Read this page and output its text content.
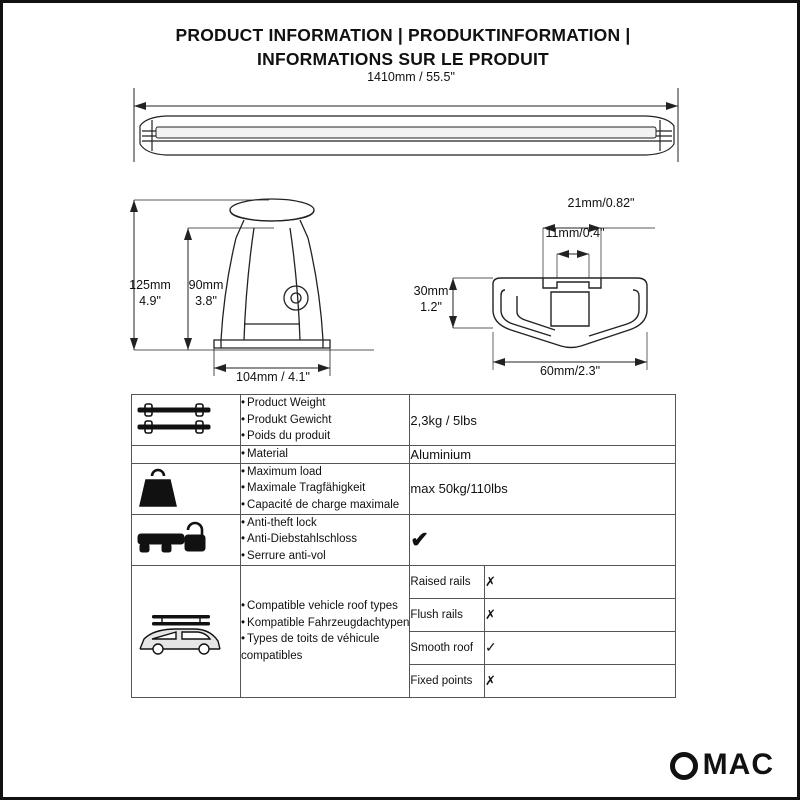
PRODUCT INFORMATION | PRODUKTINFORMATION |
INFORMATIONS SUR LE PRODUIT
1410mm / 55.5"
125mm
4.9"
90mm
3.8"
104mm / 4.1"
21mm/0.82"
11mm/0.4"
30mm
1.2"
60mm/2.3"

• Product Weight
• Produkt Gewicht
• Poids du produit
	2,3kg / 5lbs

• Material	Aluminium

• Maximum load
• Maximale Tragfähigkeit
• Capacité de charge maximale
	max 50kg/110lbs

• Anti-theft lock
• Anti-Diebstahlschloss
• Serrure anti-vol
	✔

• Compatible vehicle roof types
• Kompatible Fahrzeugdachtypen
• Types de toits de véhicule compatibles

Raised rails	✗
Flush rails	✗
Smooth roof	✓
Fixed points	✗
MAC
